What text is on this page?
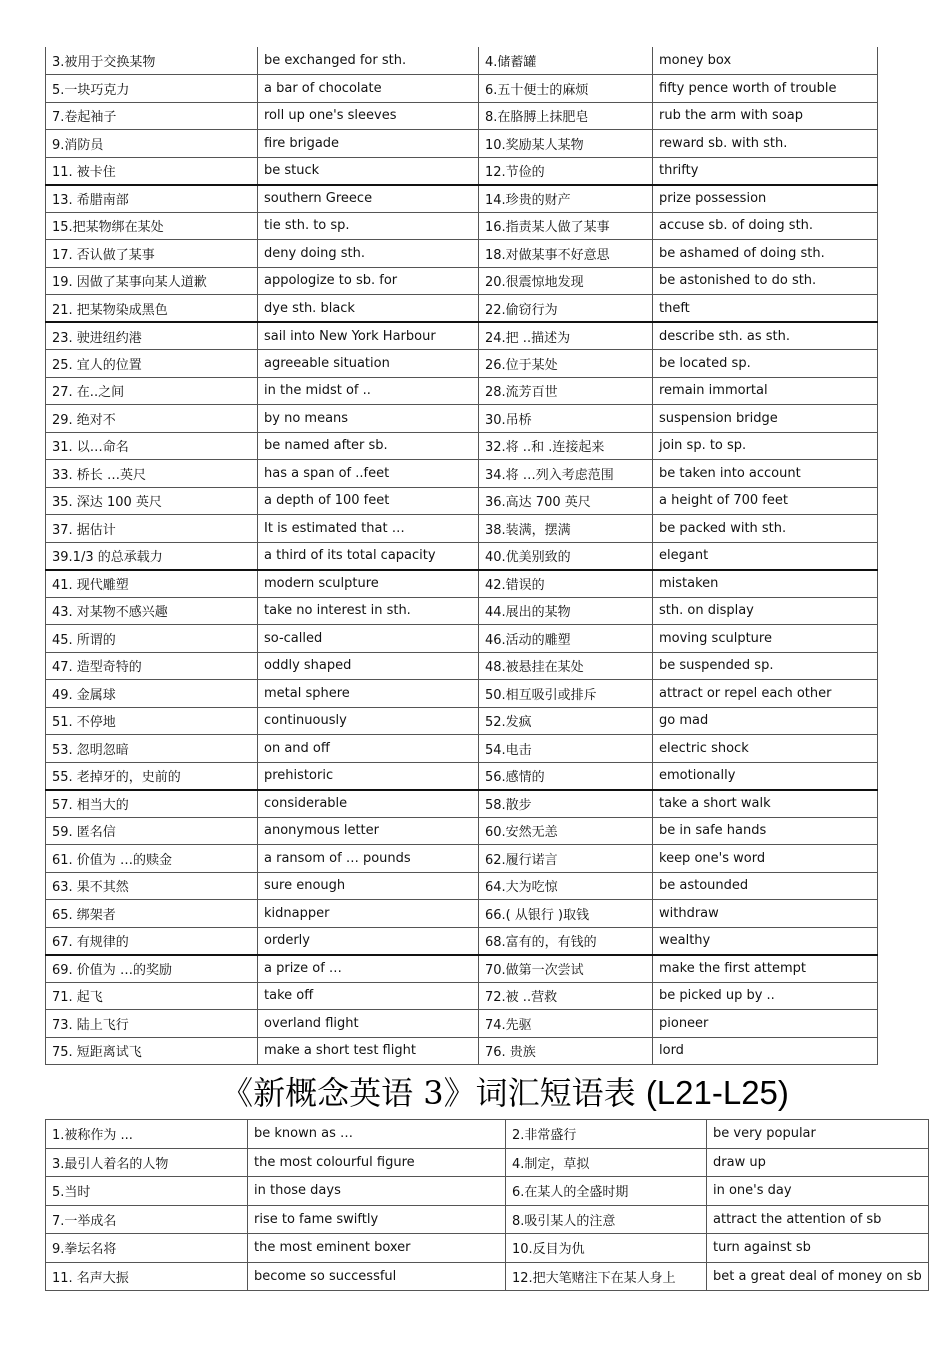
3.被用于交换某物	be exchanged for sth.	4.储蓄罐	money box
5.一块巧克力	a bar of chocolate	6.五十便士的麻烦	fifty pence worth of trouble
7.卷起袖子	roll up one's sleeves	8.在胳膊上抹肥皂	rub the arm with soap
9.消防员	fire brigade	10.奖励某人某物	reward sb. with sth.
11. 被卡住	be stuck	12.节俭的	thrifty
13. 希腊南部	southern Greece	14.珍贵的财产	prize possession
15.把某物绑在某处	tie sth. to sp.	16.指责某人做了某事	accuse sb. of doing sth.
17. 否认做了某事	deny doing sth.	18.对做某事不好意思	be ashamed of doing sth.
19. 因做了某事向某人道歉	appologize to sb. for	20.很震惊地发现	be astonished to do sth.
21. 把某物染成黑色	dye sth. black	22.偷窃行为	theft
23. 驶进纽约港	sail into New York Harbour	24.把 ..描述为	describe sth. as sth.
25. 宜人的位置	agreeable situation	26.位于某处	be located sp.
27. 在..之间	in the midst of ..	28.流芳百世	remain immortal
29. 绝对不	by no means	30.吊桥	suspension bridge
31. 以…命名	be named after sb.	32.将 ..和 .连接起来	join sp. to sp.
33. 桥长 …英尺	has a span of ..feet	34.将 …列入考虑范围	be taken into account
35. 深达 100 英尺	a depth of 100 feet	36.高达 700 英尺	a height of 700 feet
37. 据估计	It is estimated that …	38.装满，摆满	be packed with sth.
39.1/3 的总承载力	a third of its total capacity	40.优美别致的	elegant
41. 现代雕塑	modern sculpture	42.错误的	mistaken
43. 对某物不感兴趣	take no interest in sth.	44.展出的某物	sth. on display
45. 所谓的	so-called	46.活动的雕塑	moving sculpture
47. 造型奇特的	oddly shaped	48.被悬挂在某处	be suspended sp.
49. 金属球	metal sphere	50.相互吸引或排斥	attract or repel each other
51. 不停地	continuously	52.发疯	go mad
53. 忽明忽暗	on and off	54.电击	electric shock
55. 老掉牙的，史前的	prehistoric	56.感情的	emotionally
57. 相当大的	considerable	58.散步	take a short walk
59. 匿名信	anonymous letter	60.安然无恙	be in safe hands
61. 价值为 …的赎金	a ransom of … pounds	62.履行诺言	keep one's word
63. 果不其然	sure enough	64.大为吃惊	be astounded
65. 绑架者	kidnapper	66.( 从银行 )取钱	withdraw
67. 有规律的	orderly	68.富有的，有钱的	wealthy
69. 价值为 …的奖励	a prize of …	70.做第一次尝试	make the first attempt
71. 起飞	take off	72.被 ..营救	be picked up by ..
73. 陆上飞行	overland flight	74.先驱	pioneer
75. 短距离试飞	make a short test flight	76. 贵族	lord
《新概念英语 3》词汇短语表 (L21-L25)
1.被称作为 ...	be known as …	2.非常盛行	be very popular
3.最引人着名的人物	the most colourful figure	4.制定，草拟	draw up
5.当时	in those days	6.在某人的全盛时期	in one's day
7.一举成名	rise to fame swiftly	8.吸引某人的注意	attract the attention of sb
9.拳坛名将	the most eminent boxer	10.反目为仇	turn against sb
11. 名声大振	become so successful	12.把大笔赌注下在某人身上	bet a great deal of money on sb
